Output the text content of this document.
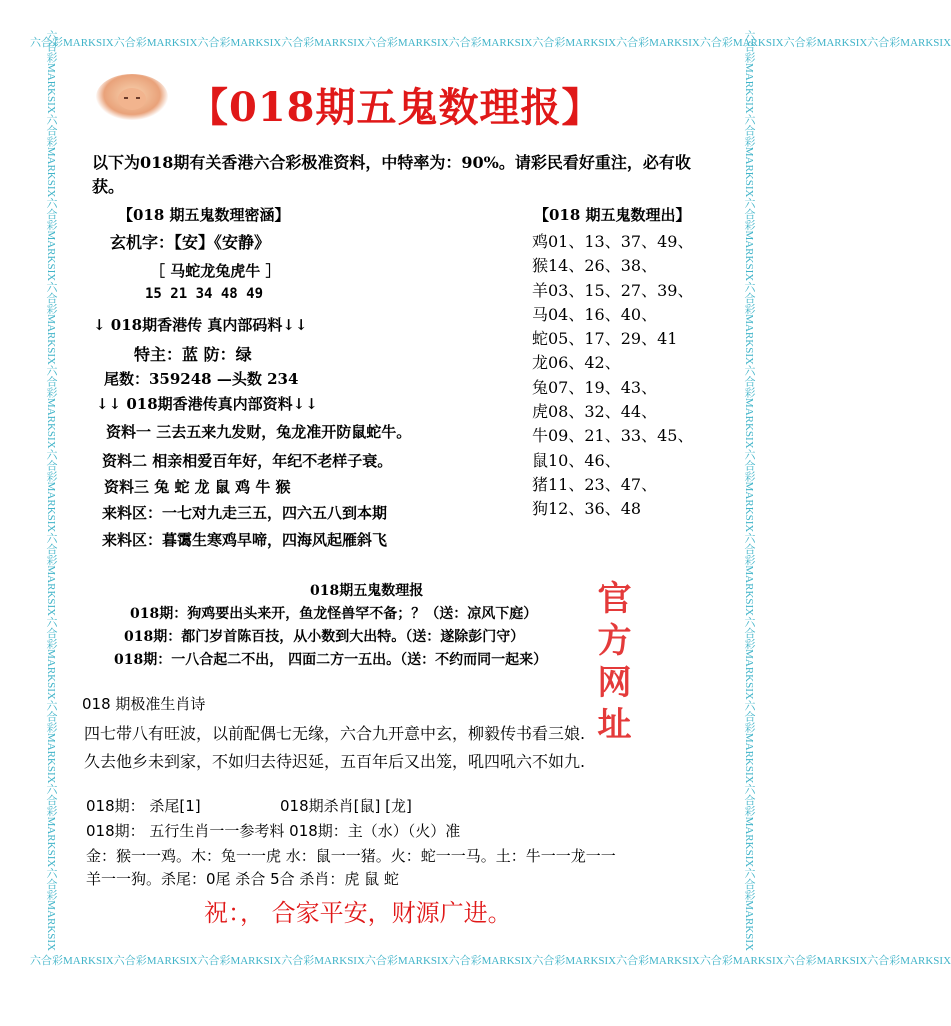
六合彩MARKSIX六合彩MARKSIX六合彩MARKSIX六合彩MARKSIX六合彩MARKSIX六合彩MARKSIX六合彩MARKSIX六合彩MARKSIX六合彩MARKSIX六合彩MARKSIX六合彩MARKSIX
六合彩MARKSIX六合彩MARKSIX六合彩MARKSIX六合彩MARKSIX六合彩MARKSIX六合彩MARKSIX六合彩MARKSIX六合彩MARKSIX六合彩MARKSIX六合彩MARKSIX六合彩MARKSIX
六合彩MARKSIX六合彩MARKSIX六合彩MARKSIX六合彩MARKSIX六合彩MARKSIX六合彩MARKSIX六合彩MARKSIX六合彩MARKSIX六合彩MARKSIX六合彩MARKSIX六合彩MARKSIX	六合彩MARKSIX六合彩MARKSIX六合彩MARKSIX六合彩MARKSIX六合彩MARKSIX六合彩MARKSIX六合彩MARKSIX六合彩MARKSIX六合彩MARKSIX六合彩MARKSIX六合彩MARKSIX
【018期五鬼数理报】
以下为018期有关香港六合彩极准资料，中特率为：90%。请彩民看好重注，必有收
获。
【018 期五鬼数理密涵】
玄机字：【安】《安静》
［ 马蛇龙兔虎牛 ］
15 21 34 48 49
↓ 018期香港传 真内部码料↓↓
特主：蓝 防：绿
尾数：359248 —头数 234
↓↓ 018期香港传真内部资料↓↓
资料一 三去五来九发财，兔龙准开防鼠蛇牛。
资料二 相亲相爱百年好，年纪不老样子衰。
资料三 兔 蛇 龙 鼠 鸡 牛 猴
来料区：一七对九走三五，四六五八到本期
来料区：暮霭生寒鸡早啼，四海风起雁斜飞
【018 期五鬼数理出】
鸡01、13、37、49、
猴14、26、38、
羊03、15、27、39、
马04、16、40、
蛇05、17、29、41
龙06、42、
兔07、19、43、
虎08、32、44、
牛09、21、33、45、
鼠10、46、
猪11、23、47、
狗12、36、48
018期五鬼数理报
018期：狗鸡要出头来开，鱼龙怪兽罕不备；？（送：凉风下庭）
018期：都门岁首陈百技，从小数到大出特。（送：遂除彭门守）
018期：一八合起二不出， 四面二方一五出。（送：不约而同一起来）	官方网址
018 期极准生肖诗
四七带八有旺波，以前配偶七无缘，六合九开意中玄，柳毅传书看三娘.
久去他乡未到家，不如归去待迟延，五百年后又出笼，吼四吼六不如九.
018期： 杀尾[1]	018期杀肖[鼠] [龙]
018期： 五行生肖一一参考料 018期：主（水）（火）准
金：猴一一鸡。木：兔一一虎 水：鼠一一猪。火：蛇一一马。土：牛一一龙一一
羊一一狗。杀尾：0尾 杀合 5合 杀肖：虎 鼠 蛇
祝：， 合家平安，财源广进。
